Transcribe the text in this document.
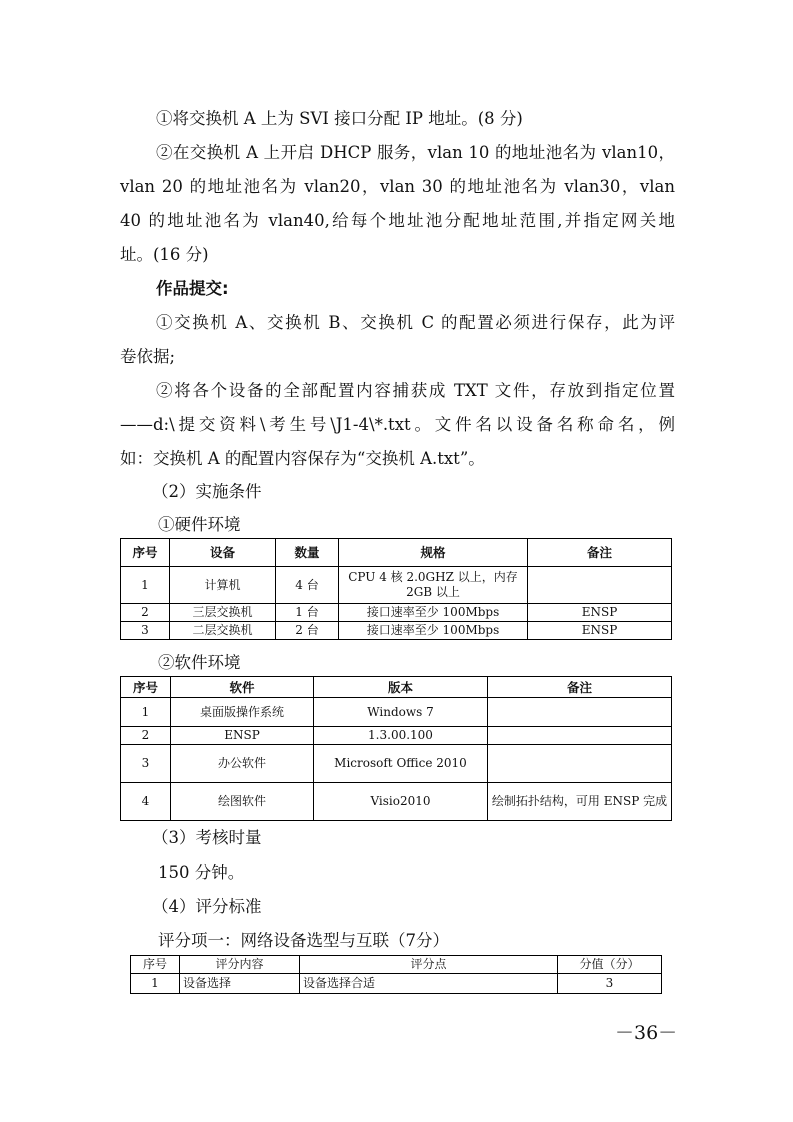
①将交换机 A 上为 SVI 接口分配 IP 地址。(8 分)

②在交换机 A 上开启 DHCP 服务，vlan 10 的地址池名为 vlan10，

vlan 20 的地址池名为 vlan20，vlan 30 的地址池名为 vlan30，vlan

40 的地址池名为 vlan40,给每个地址池分配地址范围,并指定网关地

址。(16 分)

作品提交:

①交换机 A、交换机 B、交换机 C 的配置必须进行保存，此为评

卷依据;

②将各个设备的全部配置内容捕获成 TXT 文件，存放到指定位置

——d:\提交资料\考生号\J1-4\*.txt。文件名以设备名称命名，例

如：交换机 A 的配置内容保存为“交换机 A.txt”。

（2）实施条件

①硬件环境

序号	设备	数量	规格	备注
1	计算机	4 台	CPU 4 核 2.0GHZ 以上，内存 2GB 以上	
2	三层交换机	1 台	接口速率至少 100Mbps	ENSP
3	二层交换机	2 台	接口速率至少 100Mbps	ENSP

②软件环境

序号	软件	版本	备注
1	桌面版操作系统	Windows 7	
2	ENSP	1.3.00.100	
3	办公软件	Microsoft Office 2010	
4	绘图软件	Visio2010	绘制拓扑结构，可用 ENSP 完成

（3）考核时量

150 分钟。

（4）评分标准

评分项一：网络设备选型与互联（7分）

序号	评分内容	评分点	分值（分）
1	设备选择	设备选择合适	3
－36－
